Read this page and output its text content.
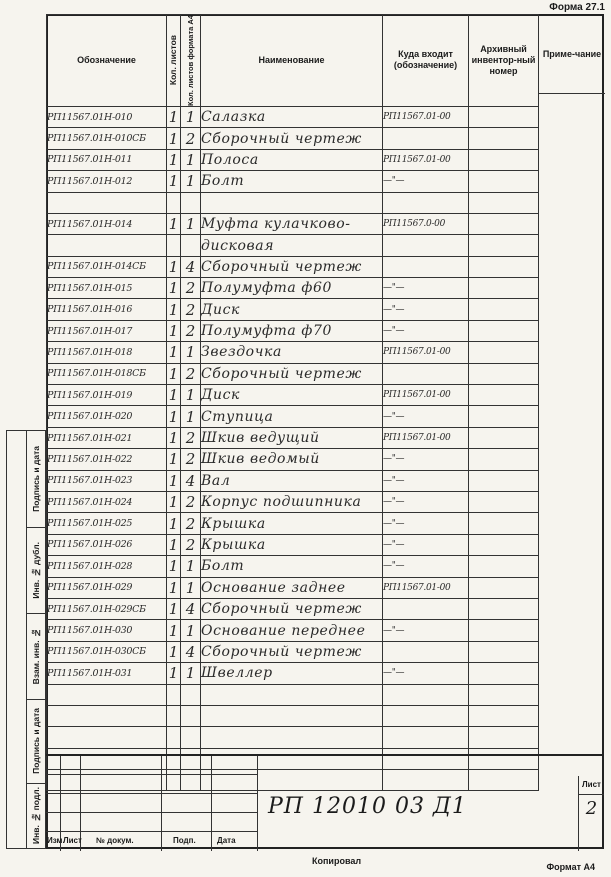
Форма 27.1
Обозначение	Кол. листов	Кол. листов формата А4	Наименование	Куда входит (обозначение)	Архивный инвентор-ный номер
РП11567.01Н-010	1	1	Салазка	РП11567.01-00	
РП11567.01Н-010СБ	1	2	Сборочный чертеж		
РП11567.01Н-011	1	1	Полоса	РП11567.01-00	
РП11567.01Н-012	1	1	Болт	—"—	

РП11567.01Н-014	1	1	Муфта кулачково-	РП11567.0-00	
			дисковая		
РП11567.01Н-014СБ	1	4	Сборочный чертеж		
РП11567.01Н-015	1	2	Полумуфта ф60	—"—	
РП11567.01Н-016	1	2	Диск	—"—	
РП11567.01Н-017	1	2	Полумуфта ф70	—"—	
РП11567.01Н-018	1	1	Звездочка	РП11567.01-00	
РП11567.01Н-018СБ	1	2	Сборочный чертеж		
РП11567.01Н-019	1	1	Диск	РП11567.01-00	
РП11567.01Н-020	1	1	Ступица	—"—	
РП11567.01Н-021	1	2	Шкив ведущий	РП11567.01-00	
РП11567.01Н-022	1	2	Шкив ведомый	—"—	
РП11567.01Н-023	1	4	Вал	—"—	
РП11567.01Н-024	1	2	Корпус подшипника	—"—	
РП11567.01Н-025	1	2	Крышка	—"—	
РП11567.01Н-026	1	2	Крышка	—"—	
РП11567.01Н-028	1	1	Болт	—"—	
РП11567.01Н-029	1	1	Основание заднее	РП11567.01-00	
РП11567.01Н-029СБ	1	4	Сборочный чертеж		
РП11567.01Н-030	1	1	Основание переднее	—"—	
РП11567.01Н-030СБ	1	4	Сборочный чертеж		
РП11567.01Н-031	1	1	Швеллер	—"—	

Приме-чание
Подпись и дата
Инв. № дубл.
Взам. инв. №
Подпись и дата
Инв. № подл. Изм.
Лист № докум.	Подп.	Дата
РП 12010 03 Д1
Лист
2
Копировал
Формат А4
